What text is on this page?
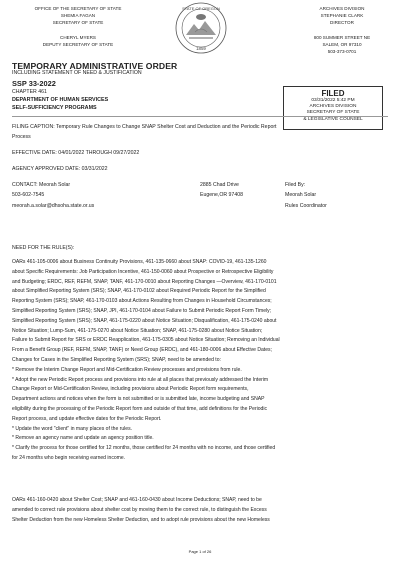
OFFICE OF THE SECRETARY OF STATE
SHEMIA FAGAN
SECRETARY OF STATE

CHERYL MYERS
DEPUTY SECRETARY OF STATE
STATE OF OREGON
1859
ARCHIVES DIVISION
STEPHANIE CLARK
DIRECTOR

800 SUMMER STREET NE
SALEM, OR 97310
503-373-0701
TEMPORARY ADMINISTRATIVE ORDER
INCLUDING STATEMENT OF NEED & JUSTIFICATION
SSP 33-2022
CHAPTER 461
DEPARTMENT OF HUMAN SERVICES
SELF-SUFFICIENCY PROGRAMS
FILED
03/31/2022 5:42 PM
ARCHIVES DIVISION
SECRETARY OF STATE
& LEGISLATIVE COUNSEL
FILING CAPTION: Temporary Rule Changes to Change SNAP Shelter Cost and Deduction and the Periodic Report
Process
EFFECTIVE DATE: 04/01/2022 THROUGH 09/27/2022
AGENCY APPROVED DATE: 03/31/2022
CONTACT: Meorah Solar
503-602-7545
meorah.a.solar@dhsoha.state.or.us
2885 Chad Drive
Eugene,OR 97408
Filed By:
Meorah Solar
Rules Coordinator
NEED FOR THE RULE(S):
OARs 461-105-0006 about Business Continuity Provisions, 461-135-0660 about SNAP: COVID-19, 461-135-1260
about Specific Requirements: Job Participation Incentive, 461-150-0060 about Prospective or Retrospective Eligibility
and Budgeting; ERDC, REF, REFM, SNAP, TANF, 461-170-0010 about Reporting Changes —Overview, 461-170-0101
about Simplified Reporting System (SRS); SNAP, 461-170-0102 about Required Periodic Report for the Simplified
Reporting System (SRS); SNAP, 461-170-0103 about Actions Resulting from Changes in Household Circumstances;
Simplified Reporting System (SRS); SNAP, JPI, 461-170-0104 about Failure to Submit Periodic Report Form Timely;
Simplified Reporting System (SRS); SNAP, 461-175-0220 about Notice Situation; Disqualification, 461-175-0240 about
Notice Situation; Lump-Sum, 461-175-0270 about Notice Situation; SNAP, 461-175-0280 about Notice Situation;
Failure to Submit Report for SRS or ERDC Reapplication, 461-175-0305 about Notice Situation; Removing an Individual
From a Benefit Group (REF, REFM, SNAP, TANF) or Need Group (ERDC), and 461-180-0006 about Effective Dates;
Changes for Cases in the Simplified Reporting System (SRS); SNAP, need to be amended to:
* Remove the Interim Change Report and Mid-Certification Review processes and provisions from rule.
* Adopt the new Periodic Report process and provisions into rule at all places that previously addressed the Interim
Change Report or Mid-Certification Review, including provisions about Periodic Report form requirements,
Department actions and notices when the form is not submitted or is submitted late, income budgeting and SNAP
eligibility during the processing of the Periodic Report form and outside of that time, add definitions for the Periodic
Report process, and update effective dates for the Periodic Report.
* Update the word "client" in many places of the rules.
* Remove an agency name and update an agency position title.
* Clarify the process for those certified for 12 months, those certified for 24 months with no income, and those certified
for 24 months who begin receiving earned income.
OARs 461-160-0420 about Shelter Cost; SNAP and 461-160-0430 about Income Deductions; SNAP, need to be
amended to correct rule provisions about shelter cost by moving them to the correct rule, to distinguish the Excess
Shelter Deduction from the new Homeless Shelter Deduction, and to adopt rule provisions about the new Homeless
Page 1 of 26
